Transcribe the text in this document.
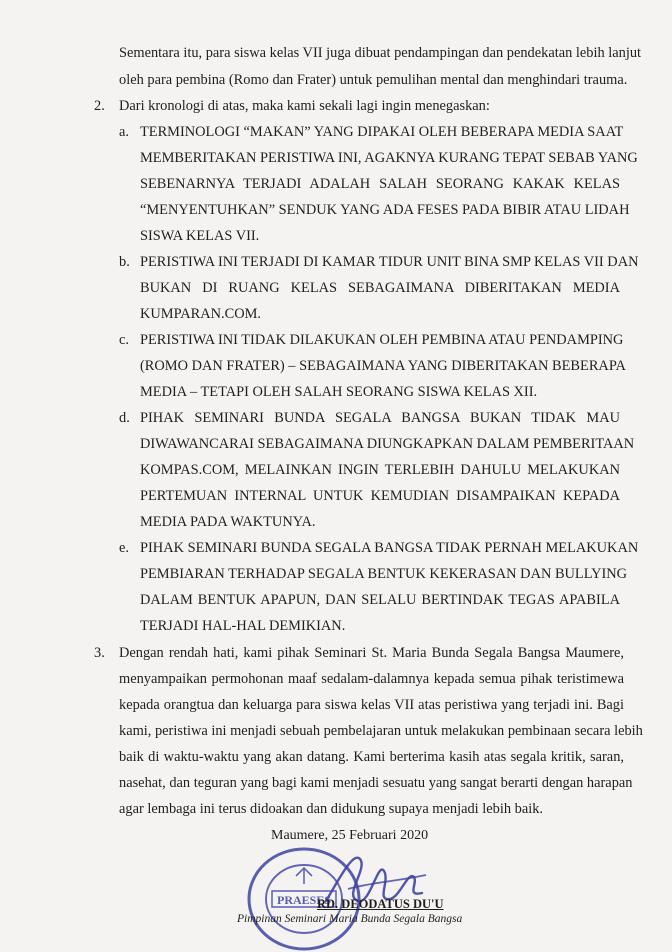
Sementara itu, para siswa kelas VII juga dibuat pendampingan dan pendekatan lebih lanjut
oleh para pembina (Romo dan Frater) untuk pemulihan mental dan menghindari trauma.
2. Dari kronologi di atas, maka kami sekali lagi ingin menegaskan:
a. TERMINOLOGI “MAKAN” YANG DIPAKAI OLEH BEBERAPA MEDIA SAAT
MEMBERITAKAN PERISTIWA INI, AGAKNYA KURANG TEPAT SEBAB YANG
SEBENARNYA TERJADI ADALAH SALAH SEORANG KAKAK KELAS
“MENYENTUHKAN” SENDUK YANG ADA FESES PADA BIBIR ATAU LIDAH
SISWA KELAS VII.
b. PERISTIWA INI TERJADI DI KAMAR TIDUR UNIT BINA SMP KELAS VII DAN
BUKAN DI RUANG KELAS SEBAGAIMANA DIBERITAKAN MEDIA
KUMPARAN.COM.
c. PERISTIWA INI TIDAK DILAKUKAN OLEH PEMBINA ATAU PENDAMPING
(ROMO DAN FRATER) – SEBAGAIMANA YANG DIBERITAKAN BEBERAPA
MEDIA – TETAPI OLEH SALAH SEORANG SISWA KELAS XII.
d. PIHAK SEMINARI BUNDA SEGALA BANGSA BUKAN TIDAK MAU
DIWAWANCARAI SEBAGAIMANA DIUNGKAPKAN DALAM PEMBERITAAN
KOMPAS.COM, MELAINKAN INGIN TERLEBIH DAHULU MELAKUKAN
PERTEMUAN INTERNAL UNTUK KEMUDIAN DISAMPAIKAN KEPADA
MEDIA PADA WAKTUNYA.
e. PIHAK SEMINARI BUNDA SEGALA BANGSA TIDAK PERNAH MELAKUKAN
PEMBIARAN TERHADAP SEGALA BENTUK KEKERASAN DAN BULLYING
DALAM BENTUK APAPUN, DAN SELALU BERTINDAK TEGAS APABILA
TERJADI HAL-HAL DEMIKIAN.
3. Dengan rendah hati, kami pihak Seminari St. Maria Bunda Segala Bangsa Maumere,
menyampaikan permohonan maaf sedalam-dalamnya kepada semua pihak teristimewa
kepada orangtua dan keluarga para siswa kelas VII atas peristiwa yang terjadi ini. Bagi
kami, peristiwa ini menjadi sebuah pembelajaran untuk melakukan pembinaan secara lebih
baik di waktu-waktu yang akan datang. Kami berterima kasih atas segala kritik, saran,
nasehat, dan teguran yang bagi kami menjadi sesuatu yang sangat berarti dengan harapan
agar lembaga ini terus didoakan dan didukung supaya menjadi lebih baik.
Maumere, 25 Februari 2020
PRAESES
RD. DEODATUS DU'U
Pimpinan Seminari Maria Bunda Segala Bangsa
